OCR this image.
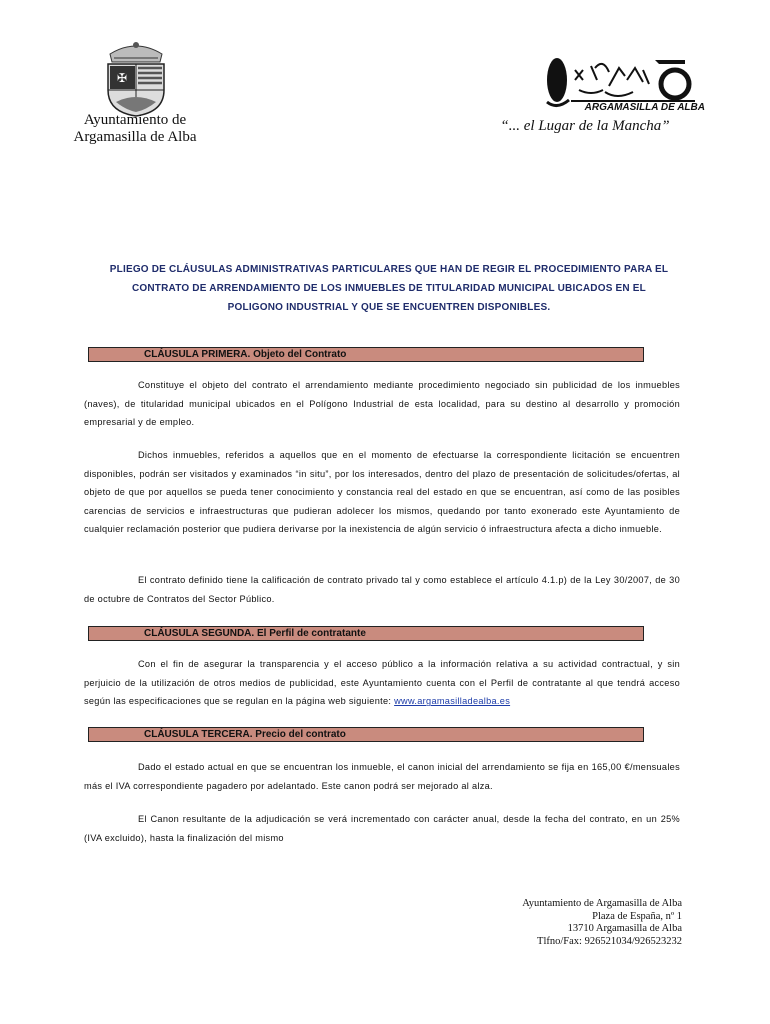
✠
Ayuntamiento de
Argamasilla de Alba
ARGAMASILLA DE ALBA
“... el Lugar de la Mancha”
PLIEGO DE CLÁUSULAS ADMINISTRATIVAS PARTICULARES QUE HAN DE REGIR EL PROCEDIMIENTO PARA EL
CONTRATO DE ARRENDAMIENTO DE LOS INMUEBLES DE TITULARIDAD MUNICIPAL UBICADOS EN EL
POLIGONO INDUSTRIAL Y QUE SE ENCUENTREN DISPONIBLES.
CLÁUSULA PRIMERA. Objeto del Contrato
Constituye el objeto del contrato el arrendamiento mediante procedimiento negociado sin publicidad de los inmuebles (naves), de titularidad municipal ubicados en el Polígono Industrial de esta localidad, para su destino al desarrollo y promoción empresarial y de empleo.
Dichos inmuebles, referidos a aquellos que en el momento de efectuarse la correspondiente licitación se encuentren disponibles, podrán ser visitados y examinados “in situ”, por los interesados, dentro del plazo de presentación de solicitudes/ofertas, al objeto de que por aquellos se pueda tener conocimiento y constancia real del estado en que se encuentran, así como de las posibles carencias de servicios e infraestructuras que pudieran adolecer los mismos, quedando por tanto exonerado este Ayuntamiento de cualquier reclamación posterior que pudiera derivarse por la inexistencia de algún servicio ó infraestructura afecta a dicho inmueble.
El contrato definido tiene la calificación de contrato privado tal y como establece el artículo 4.1.p) de la Ley 30/2007, de 30 de octubre de Contratos del Sector Público.
CLÁUSULA SEGUNDA. El Perfil de contratante
Con el fin de asegurar la transparencia y el acceso público a la información relativa a su actividad contractual, y sin perjuicio de la utilización de otros medios de publicidad, este Ayuntamiento cuenta con el Perfil de contratante al que tendrá acceso según las especificaciones que se regulan en la página web siguiente: www.argamasilladealba.es
CLÁUSULA TERCERA. Precio del contrato
Dado el estado actual en que se encuentran los inmueble, el canon inicial del arrendamiento se fija en 165,00 €/mensuales más el IVA correspondiente pagadero por adelantado. Este canon podrá ser mejorado al alza.
El Canon resultante de la adjudicación se verá incrementado con carácter anual, desde la fecha del contrato, en un 25% (IVA excluido), hasta la finalización del mismo
Ayuntamiento de Argamasilla de Alba
Plaza de España, nº 1
13710 Argamasilla de Alba
Tlfno/Fax: 926521034/926523232
